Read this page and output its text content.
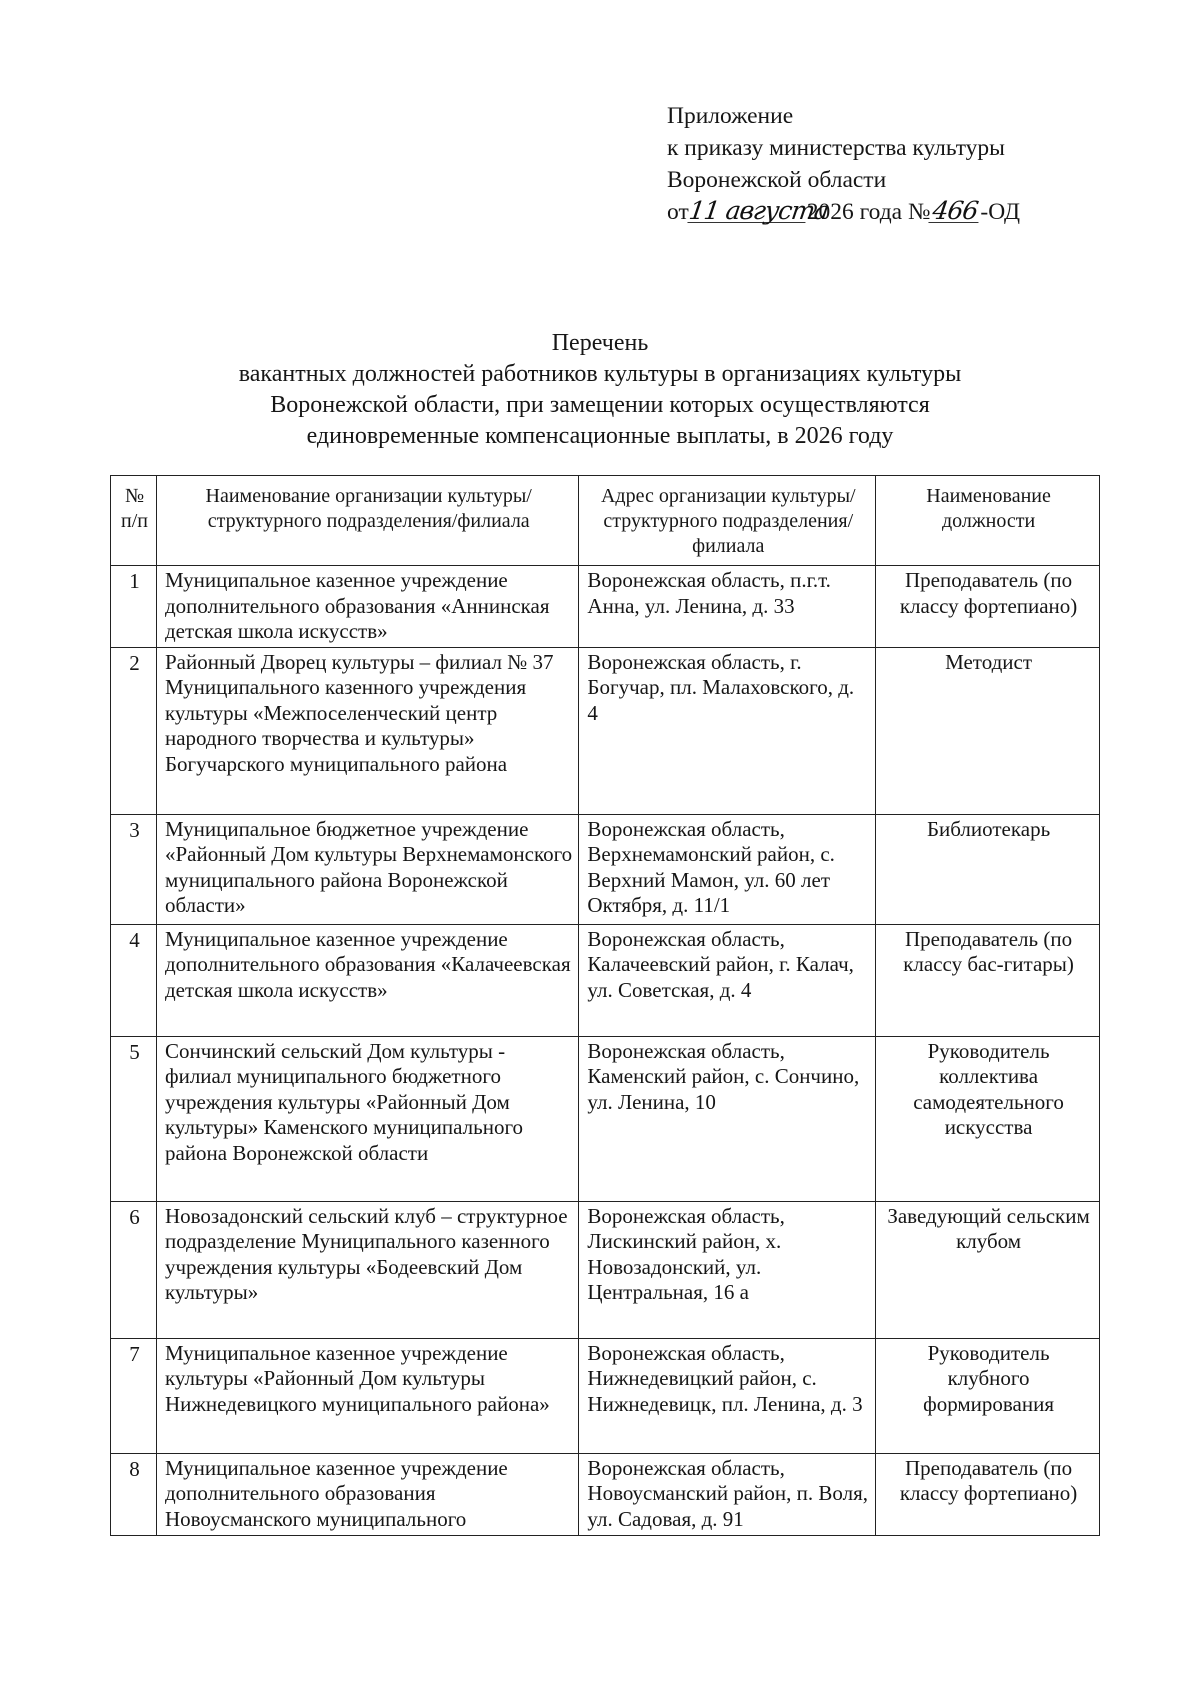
Приложение
к приказу министерства культуры
Воронежской области
от11 августа2026 года №466-ОД
Перечень
вакантных должностей работников культуры в организациях культуры
Воронежской области, при замещении которых осуществляются
единовременные компенсационные выплаты, в 2026 году
№ п/п	Наименование организации культуры/структурного подразделения/филиала	Адрес организации культуры/структурного подразделения/филиала	Наименование должности
1	Муниципальное казенное учреждение дополнительного образования «Аннинская детская школа искусств»	Воронежская область, п.г.т. Анна, ул. Ленина, д. 33	Преподаватель (по классу фортепиано)
2	Районный Дворец культуры – филиал № 37 Муниципального казенного учреждения культуры «Межпоселенческий центр народного творчества и культуры» Богучарского муниципального района	Воронежская область, г. Богучар, пл. Малаховского, д. 4	Методист
3	Муниципальное бюджетное учреждение «Районный Дом культуры Верхнемамонского муниципального района Воронежской области»	Воронежская область, Верхнемамонский район, с. Верхний Мамон, ул. 60 лет Октября, д. 11/1	Библиотекарь
4	Муниципальное казенное учреждение дополнительного образования «Калачеевская детская школа искусств»	Воронежская область, Калачеевский район, г. Калач, ул. Советская, д. 4	Преподаватель (по классу бас-гитары)
5	Сончинский сельский Дом культуры - филиал муниципального бюджетного учреждения культуры «Районный Дом культуры» Каменского муниципального района Воронежской области	Воронежская область, Каменский район, с. Сончино, ул. Ленина, 10	Руководитель коллектива самодеятельного искусства
6	Новозадонский сельский клуб – структурное подразделение Муниципального казенного учреждения культуры «Бодеевский Дом культуры»	Воронежская область, Лискинский район, х. Новозадонский, ул. Центральная, 16 а	Заведующий сельским клубом
7	Муниципальное казенное учреждение культуры «Районный Дом культуры Нижнедевицкого муниципального района»	Воронежская область, Нижнедевицкий район, с. Нижнедевицк, пл. Ленина, д. 3	Руководитель клубного формирования
8	Муниципальное казенное учреждение дополнительного образования Новоусманского муниципального	Воронежская область, Новоусманский район, п. Воля, ул. Садовая, д. 91	Преподаватель (по классу фортепиано)
